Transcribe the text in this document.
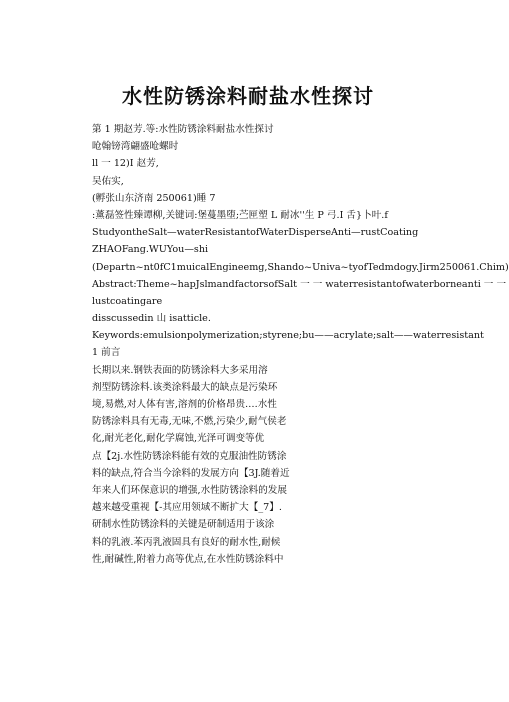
水性防锈涂料耐盐水性探讨
第 1 期赵芳.等:水性防锈涂料耐盐水性探讨
呛翰镑湾翩盛呛螺时
ll 一 12)I 赵芳,
吴佑实,
(孵张山东济南 250061)睡 7
:薰磊签性臻谭柳,关键词:堡蔓墨堕;苎匣塑 L 耐冰''生 P 弓.I 舌}卜叶.f
StudyontheSalt—waterResistantofWaterDisperseAnti—rustCoating
ZHAOFang.WUYou—shi
(Departn~nt0fC1muicalEngineemg,Shando~Univa~tyofTedmdogy.Jirm250061.Chim)
Abstract:Theme~hapJslmandfactorsofSalt 一 一 waterresistantofwaterborneanti 一 一
lustcoatingare
disscussedin 山 isatticle.
Keywords:emulsionpolymerization;styrene;bu——acrylate;salt——waterresistant
1 前言
长期以来.钢铁表面的防锈涂料大多采用溶
剂型防锈涂料.该类涂料最大的缺点是污染环
境,易燃,对人体有害,溶剂的价格昂贵….水性
防锈涂料具有无毒,无味,不燃,污染少,耐气侯老
化,耐光老化,耐化学腐蚀,光泽可调变等优
点【2j.水性防锈涂料能有效的克服油性防锈涂
料的缺点,符合当今涂料的发展方向【3J.随着近
年来人们环保意识的增强,水性防锈涂料的发展
越来越受重视【-其应用领域不断扩大【_7】.
研制水性防锈涂料的关键是研制适用于该涂
料的乳液.苯丙乳液固具有良好的耐水性,耐候
性,耐碱性,附着力高等优点,在水性防锈涂料中
